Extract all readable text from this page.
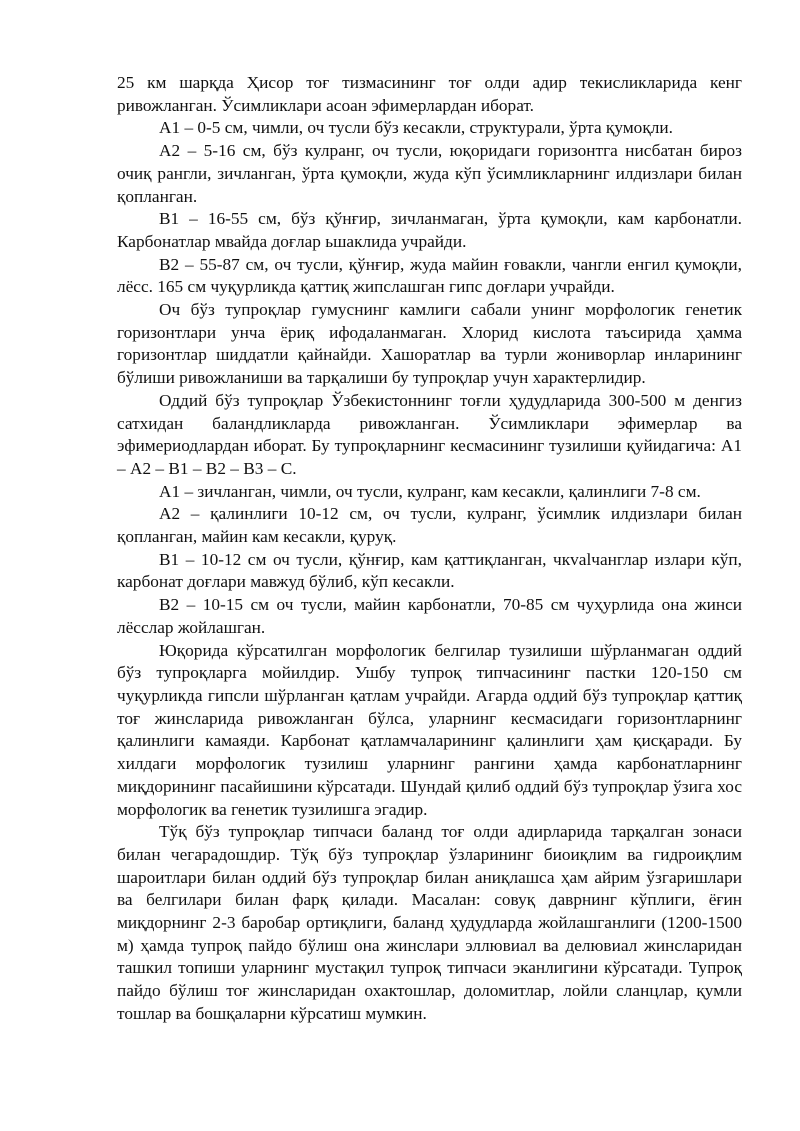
25 км шарқда Ҳисор тоғ тизмасининг тоғ олди адир текисликларида кенг ривожланган. Ўсимликлари асоан эфимерлардан иборат.

А1 – 0-5 см, чимли, оч тусли бўз кесакли, структурали, ўрта қумоқли.

А2 – 5-16 см, бўз кулранг, оч тусли, юқоридаги горизонтга нисбатан бироз очиқ рангли, зичланган, ўрта қумоқли, жуда кўп ўсимликларнинг илдизлари билан қопланган.

В1 – 16-55 см, бўз қўнғир, зичланмаган, ўрта қумоқли, кам карбонатли. Карбонатлар мвайда доғлар ьшаклида учрайди.

В2 – 55-87 см, оч тусли, қўнғир, жуда майин ғовакли, чангли енгил қумоқли, лёсс. 165 см чуқурликда қаттиқ жипслашган гипс доғлари учрайди.

Оч бўз тупроқлар гумуснинг камлиги сабали унинг морфологик генетик горизонтлари унча ёриқ ифодаланмаган. Хлорид кислота таъсирида ҳамма горизонтлар шиддатли қайнайди. Хашоратлар ва турли жониворлар инларининг бўлиши ривожланиши ва тарқалиши бу тупроқлар учун характерлидир.

Оддий бўз тупроқлар Ўзбекистоннинг тоғли ҳудудларида 300-500 м денгиз сатхидан баландликларда ривожланган. Ўсимликлари эфимерлар ва эфимериодлардан иборат. Бу тупроқларнинг кесмасининг тузилиши қуйидагича: А1 – А2 – В1 – В2 – В3 – С.

А1 – зичланган, чимли, оч тусли, кулранг, кам кесакли, қалинлиги 7-8 см.

А2 – қалинлиги 10-12 см, оч тусли, кулранг, ўсимлик илдизлари билан қопланган, майин кам кесакли, қуруқ.

В1 – 10-12 см оч тусли, қўнғир, кам қаттиқланган, чкvalчанглар излари кўп, карбонат доғлари мавжуд бўлиб, кўп кесакли.

В2 – 10-15 см оч тусли, майин карбонатли, 70-85 см чуҳурлида она жинси лёсслар жойлашган.

Юқорида кўрсатилган морфологик белгилар тузилиши шўрланмаган оддий бўз тупроқларга мойилдир. Ушбу тупроқ типчасининг пастки 120-150 см чуқурликда гипсли шўрланган қатлам учрайди. Агарда оддий бўз тупроқлар қаттиқ тоғ жинсларида ривожланган бўлса, уларнинг кесмасидаги горизонтларнинг қалинлиги камаяди. Карбонат қатламчаларининг қалинлиги ҳам қисқаради. Бу хилдаги морфологик тузилиш уларнинг рангини ҳамда карбонатларнинг миқдорининг пасайишини кўрсатади. Шундай қилиб оддий бўз тупроқлар ўзига хос морфологик ва генетик тузилишга эгадир.

Тўқ бўз тупроқлар типчаси баланд тоғ олди адирларида тарқалган зонаси билан чегарадошдир. Тўқ бўз тупроқлар ўзларининг биоиқлим ва гидроиқлим шароитлари билан оддий бўз тупроқлар билан аниқлашса ҳам айрим ўзгаришлари ва белгилари билан фарқ қилади. Масалан: совуқ даврнинг кўплиги, ёғин миқдорнинг 2-3 баробар ортиқлиги, баланд ҳудудларда жойлашганлиги (1200-1500 м) ҳамда тупроқ пайдо бўлиш она жинслари эллювиал ва делювиал жинсларидан ташкил топиши уларнинг мустақил тупроқ типчаси эканлигини кўрсатади. Тупроқ пайдо бўлиш тоғ жинсларидан охактошлар, доломитлар, лойли сланцлар, қумли тошлар ва бошқаларни кўрсатиш мумкин.
